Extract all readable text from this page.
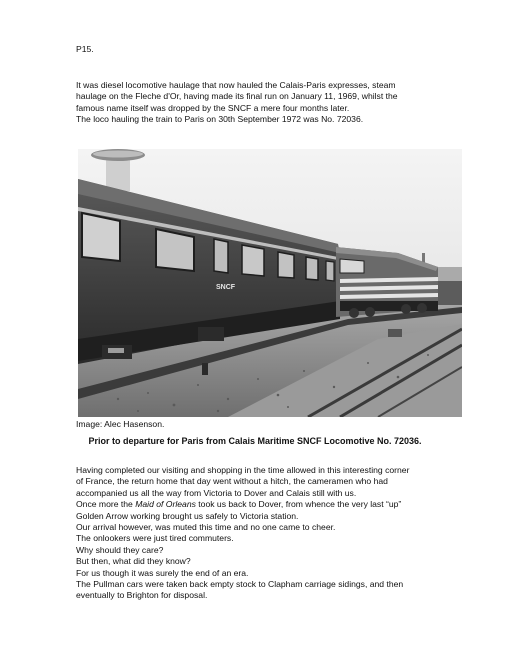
P15.
It was diesel locomotive haulage that now hauled the Calais-Paris expresses, steam
haulage on the Fleche d'Or, having made its final run on January 11, 1969, whilst the
famous name itself was dropped by the SNCF a mere four months later.
The loco hauling the train to Paris on 30th September 1972 was No. 72036.
SNCF
Image: Alec Hasenson.
Prior to departure for Paris from Calais Maritime SNCF Locomotive No. 72036.
Having completed our visiting and shopping in the time allowed in this interesting corner
of France, the return home that day went without a hitch, the cameramen who had
accompanied us all the way from Victoria to Dover and Calais still with us.
Once more the Maid of Orleans took us back to Dover, from whence the very last “up”
Golden Arrow working brought us safely to Victoria station.
Our arrival however, was muted this time and no one came to cheer.
The onlookers were just tired commuters.
Why should they care?
But then, what did they know?
For us though it was surely the end of an era.
The Pullman cars were taken back empty stock to Clapham carriage sidings, and then
eventually to Brighton for disposal.
